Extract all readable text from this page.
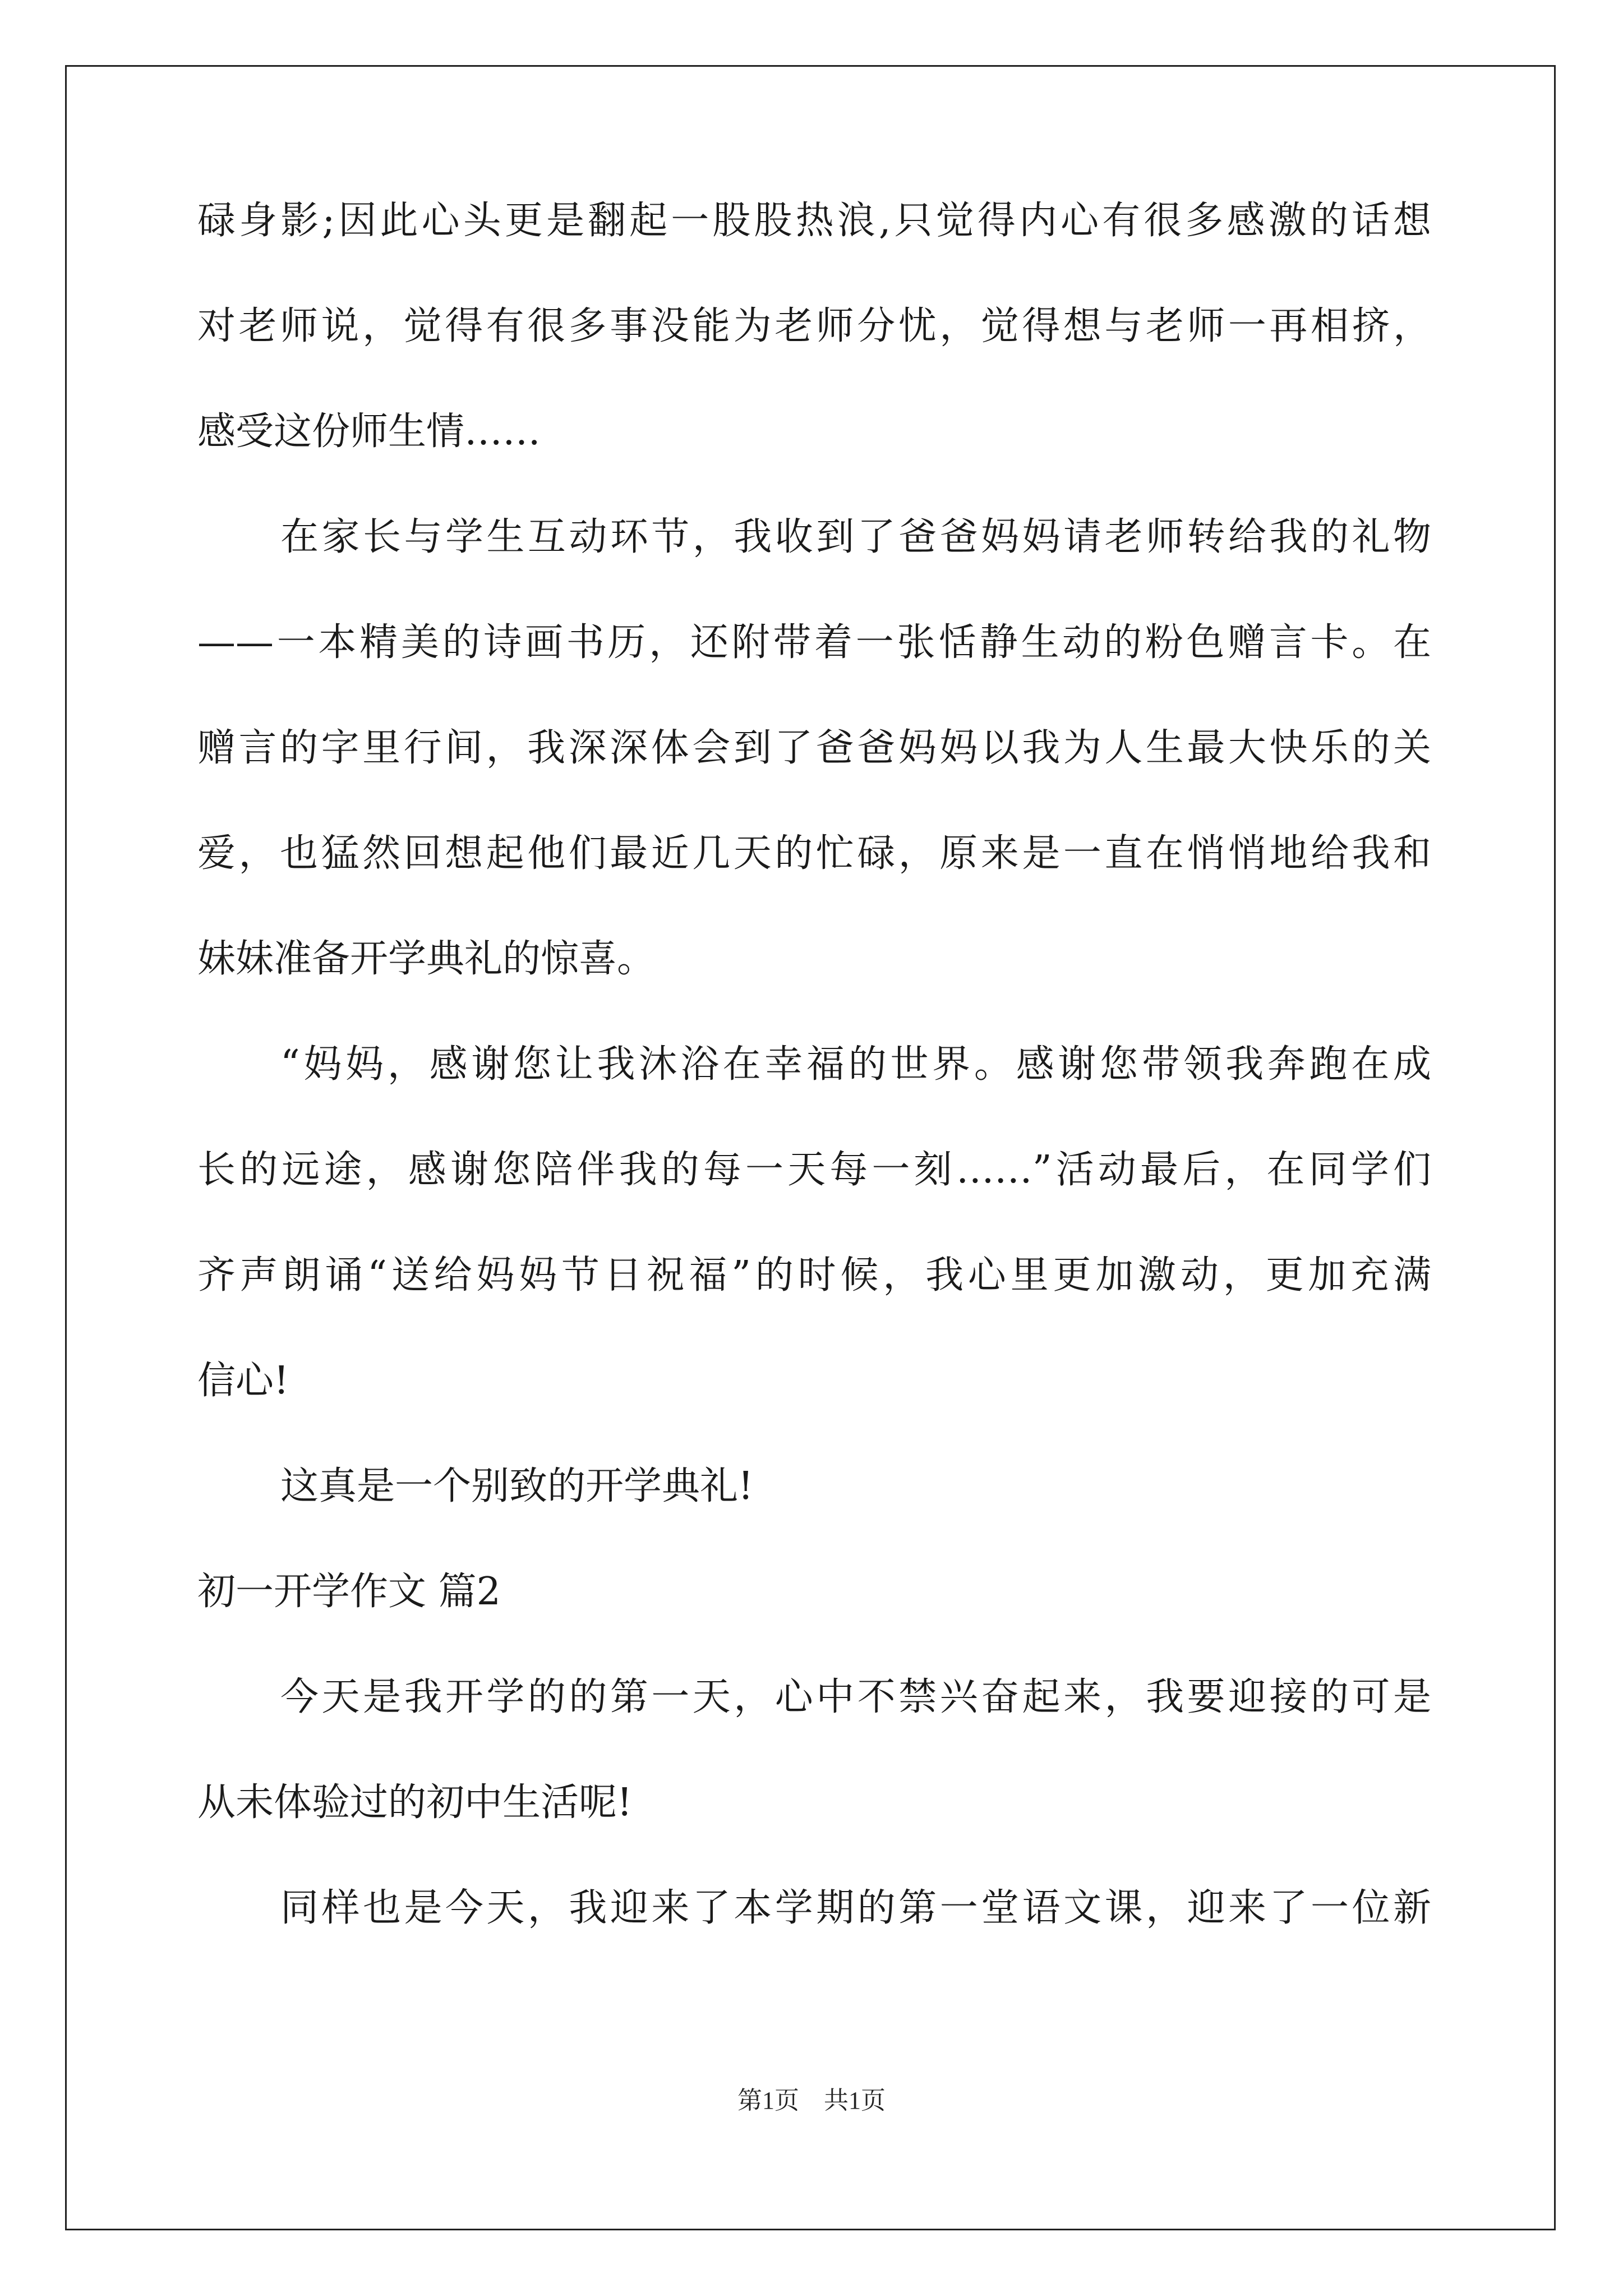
碌身影;因此心头更是翻起一股股热浪,只觉得内心有很多感激的话想
对老师说，觉得有很多事没能为老师分忧，觉得想与老师一再相挤，
感受这份师生情……
在家长与学生互动环节，我收到了爸爸妈妈请老师转给我的礼物
——一本精美的诗画书历，还附带着一张恬静生动的粉色赠言卡。在
赠言的字里行间，我深深体会到了爸爸妈妈以我为人生最大快乐的关
爱，也猛然回想起他们最近几天的忙碌，原来是一直在悄悄地给我和
妹妹准备开学典礼的惊喜。
“妈妈，感谢您让我沐浴在幸福的世界。感谢您带领我奔跑在成
长的远途，感谢您陪伴我的每一天每一刻……”活动最后，在同学们
齐声朗诵“送给妈妈节日祝福”的时候，我心里更加激动，更加充满
信心!
这真是一个别致的开学典礼!
初一开学作文 篇2
今天是我开学的的第一天，心中不禁兴奋起来，我要迎接的可是
从未体验过的初中生活呢!
同样也是今天，我迎来了本学期的第一堂语文课，迎来了一位新
第1页　共1页
